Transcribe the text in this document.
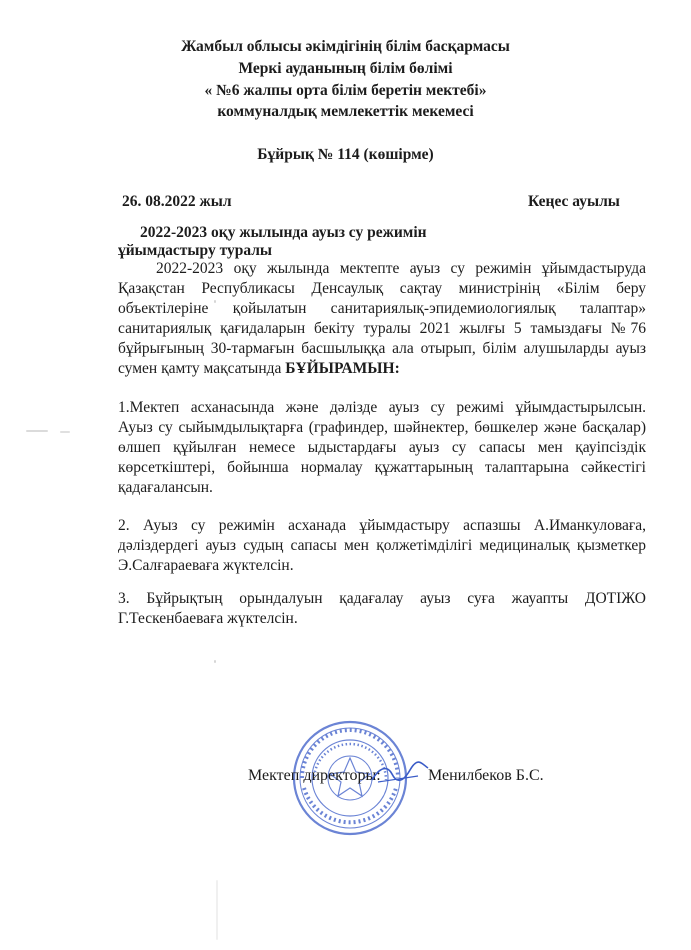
Жамбыл облысы әкімдігінің білім басқармасы
Меркі ауданының білім бөлімі
« №6 жалпы орта білім беретін мектебі»
коммуналдық мемлекеттік мекемесі
Бұйрық № 114 (көшірме)
26. 08.2022 жыл	Кеңес ауылы
2022-2023 оқу жылында ауыз су режимін
ұйымдастыру туралы
2022-2023 оқу жылында мектепте ауыз су режимін ұйымдастыруда
Қазақстан Республикасы Денсаулық сақтау министрінің «Білім беру
объектілеріне қойылатын санитариялық-эпидемиологиялық талаптар»
санитариялық қағидаларын бекіту туралы 2021 жылғы 5 тамыздағы №76
бұйрығының 30-тармағын басшылыққа ала отырып, білім алушыларды ауыз
сумен қамту мақсатында БҰЙЫРАМЫН:
1.Мектеп асханасында және дәлізде ауыз су режимі ұйымдастырылсын.
Ауыз су сыйымдылықтарға (графиндер, шәйнектер, бөшкелер және басқалар)
өлшеп құйылған немесе ыдыстардағы ауыз су сапасы мен қауіпсіздік
көрсеткіштері, бойынша нормалау құжаттарының талаптарына сәйкестігі
қадағалансын.
2. Ауыз су режимін асханада ұйымдастыру аспазшы А.Иманкуловаға,
дәліздердегі ауыз судың сапасы мен қолжетімділігі медициналық қызметкер
Э.Салғараеваға жүктелсін.
3. Бұйрықтың орындалуын қадағалау ауыз суға жауапты ДОТІЖО
Г.Тескенбаеваға жүктелсін.
Мектеп директоры:	Менилбеков Б.С.
